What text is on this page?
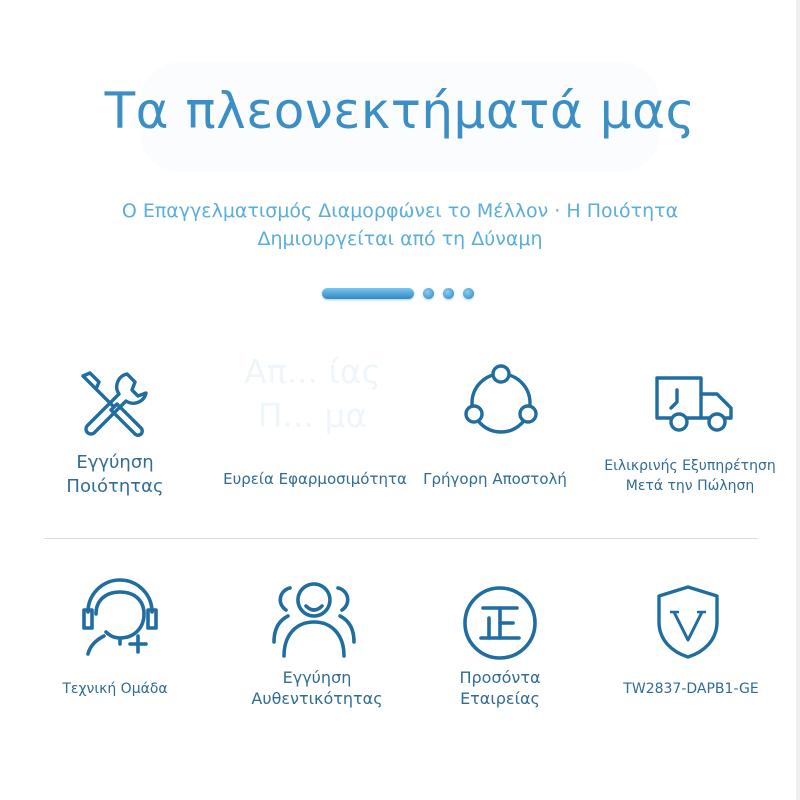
Τα πλεονεκτήματά μας
Ο Επαγγελματισμός Διαμορφώνει το Μέλλον · Η Ποιότητα
Δημιουργείται από τη Δύναμη
Απ... ίας
Π... μα
Εγγύηση
Ποιότητας	Ευρεία Εφαρμοσιμότητα	Γρήγορη Αποστολή
Ειλικρινής Εξυπηρέτηση
Μετά την Πώληση
Τεχνική Ομάδα
Εγγύηση
Αυθεντικότητας
Προσόντα
Εταιρείας	TW2837-DAPB1-GE
